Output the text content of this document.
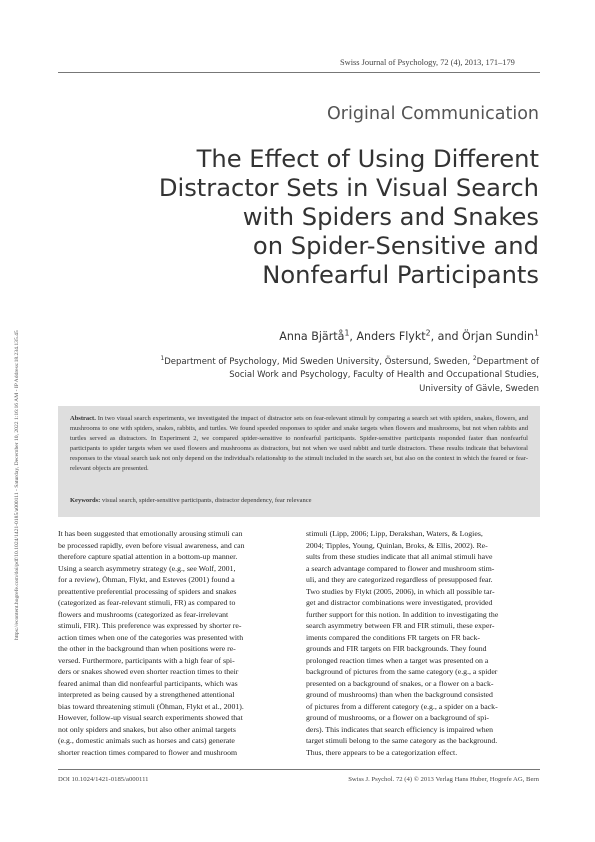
Swiss Journal of Psychology, 72 (4), 2013, 171–179
Original Communication
The Effect of Using Different
Distractor Sets in Visual Search
with Spiders and Snakes
on Spider-Sensitive and
Nonfearful Participants
Anna Bjärtå$^1$, Anders Flykt$^2$, and Örjan Sundin$^1$
$^1$Department of Psychology, Mid Sweden University, Östersund, Sweden, $^2$Department of
Social Work and Psychology, Faculty of Health and Occupational Studies,
University of Gävle, Sweden
Abstract. In two visual search experiments, we investigated the impact of distractor sets on fear-relevant stimuli by comparing a search set with spiders, snakes, flowers, and mushrooms to one with spiders, snakes, rabbits, and turtles. We found speeded responses to spider and snake targets when flowers and mushrooms, but not when rabbits and turtles served as distractors. In Experiment 2, we compared spider-sensitive to nonfearful participants. Spider-sensitive participants responded faster than nonfearful participants to spider targets when we used flowers and mushrooms as distractors, but not when we used rabbit and turtle distractors. These results indicate that behavioral responses to the visual search task not only depend on the individual's relationship to the stimuli included in the search set, but also on the context in which the feared or fear-relevant objects are presented.
Keywords: visual search, spider-sensitive participants, distractor dependency, fear relevance
It has been suggested that emotionally arousing stimuli can
be processed rapidly, even before visual awareness, and can
therefore capture spatial attention in a bottom-up manner.
Using a search asymmetry strategy (e.g., see Wolf, 2001,
for a review), Öhman, Flykt, and Esteves (2001) found a
preattentive preferential processing of spiders and snakes
(categorized as fear-relevant stimuli, FR) as compared to
flowers and mushrooms (categorized as fear-irrelevant
stimuli, FIR). This preference was expressed by shorter re-
action times when one of the categories was presented with
the other in the background than when positions were re-
versed. Furthermore, participants with a high fear of spi-
ders or snakes showed even shorter reaction times to their
feared animal than did nonfearful participants, which was
interpreted as being caused by a strengthened attentional
bias toward threatening stimuli (Öhman, Flykt et al., 2001).
However, follow-up visual search experiments showed that
not only spiders and snakes, but also other animal targets
(e.g., domestic animals such as horses and cats) generate
shorter reaction times compared to flower and mushroom
stimuli (Lipp, 2006; Lipp, Derakshan, Waters, & Logies,
2004; Tipples, Young, Quinlan, Broks, & Ellis, 2002). Re-
sults from these studies indicate that all animal stimuli have
a search advantage compared to flower and mushroom stim-
uli, and they are categorized regardless of presupposed fear.
Two studies by Flykt (2005, 2006), in which all possible tar-
get and distractor combinations were investigated, provided
further support for this notion. In addition to investigating the
search asymmetry between FR and FIR stimuli, these exper-
iments compared the conditions FR targets on FR back-
grounds and FIR targets on FIR backgrounds. They found
prolonged reaction times when a target was presented on a
background of pictures from the same category (e.g., a spider
presented on a background of snakes, or a flower on a back-
ground of mushrooms) than when the background consisted
of pictures from a different category (e.g., a spider on a back-
ground of mushrooms, or a flower on a background of spi-
ders). This indicates that search efficiency is impaired when
target stimuli belong to the same category as the background.
Thus, there appears to be a categorization effect.
DOI 10.1024/1421-0185/a000111	Swiss J. Psychol. 72 (4) © 2013 Verlag Hans Huber, Hogrefe AG, Bern
https://econtent.hogrefe.com/doi/pdf/10.1024/1421-0185/a000111 - Saturday, December 10, 2022 1:16:16 AM - IP Address:18.234.135.45
